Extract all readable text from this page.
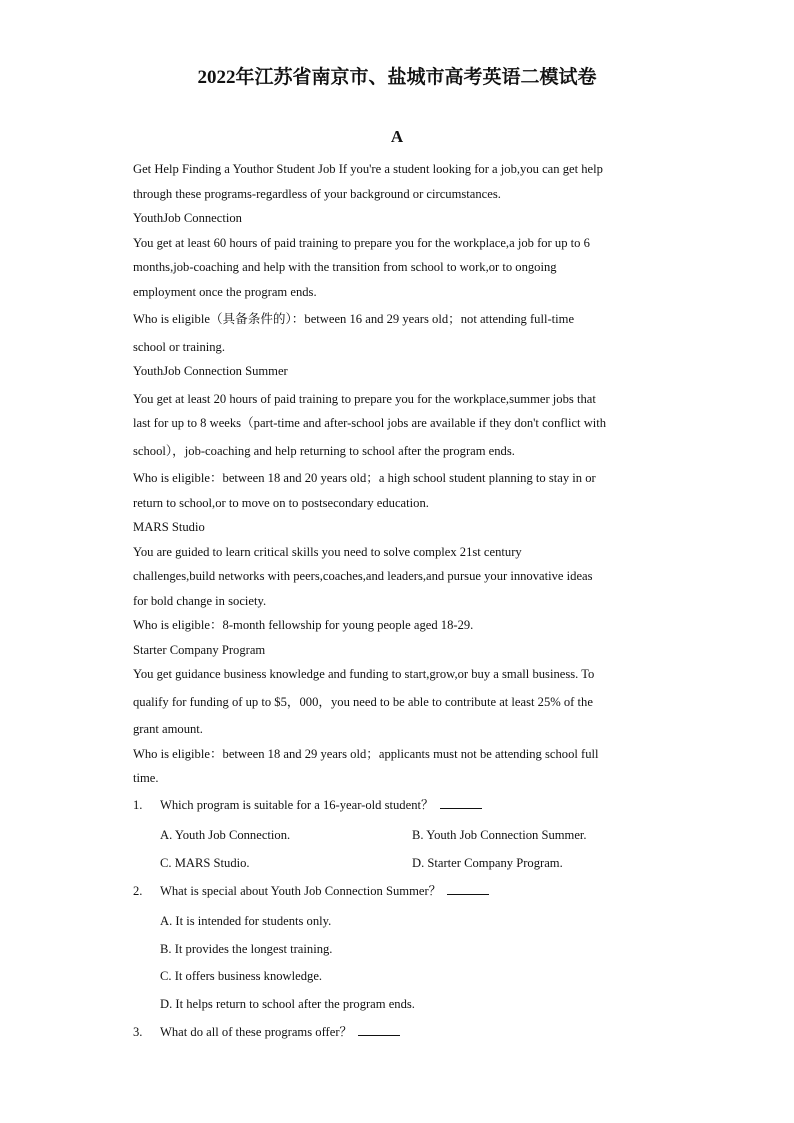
2022年江苏省南京市、盐城市高考英语二模试卷
A

Get Help Finding a Youthor Student Job If you're a student looking for a job,you can get help

through these programs-regardless of your background or circumstances.

YouthJob Connection

You get at least 60 hours of paid training to prepare you for the workplace,a job for up to 6

months,job-coaching and help with the transition from school to work,or to ongoing

employment once the program ends.

Who is eligible（具备条件的）：between 16 and 29 years old；not attending full-time

school or training.

YouthJob Connection Summer

You get at least 20 hours of paid training to prepare you for the workplace,summer jobs that

last for up to 8 weeks（part-time and after-school jobs are available if they don't conflict with

school），job-coaching and help returning to school after the program ends.

Who is eligible：between 18 and 20 years old；a high school student planning to stay in or

return to school,or to move on to postsecondary education.

MARS Studio

You are guided to learn critical skills you need to solve complex 21st century

challenges,build networks with peers,coaches,and leaders,and pursue your innovative ideas

for bold change in society.

Who is eligible：8-month fellowship for young people aged 18-29.

Starter Company Program

You get guidance business knowledge and funding to start,grow,or buy a small business. To

qualify for funding of up to $5，000，you need to be able to contribute at least 25% of the

grant amount.

Who is eligible：between 18 and 29 years old；applicants must not be attending school full

time.

1. Which program is suitable for a 16-year-old student？
A. Youth Job Connection.	B. Youth Job Connection Summer.
C. MARS Studio.	D. Starter Company Program.
2. What is special about Youth Job Connection Summer？
A. It is intended for students only.
B. It provides the longest training.
C. It offers business knowledge.
D. It helps return to school after the program ends.
3. What do all of these programs offer？
